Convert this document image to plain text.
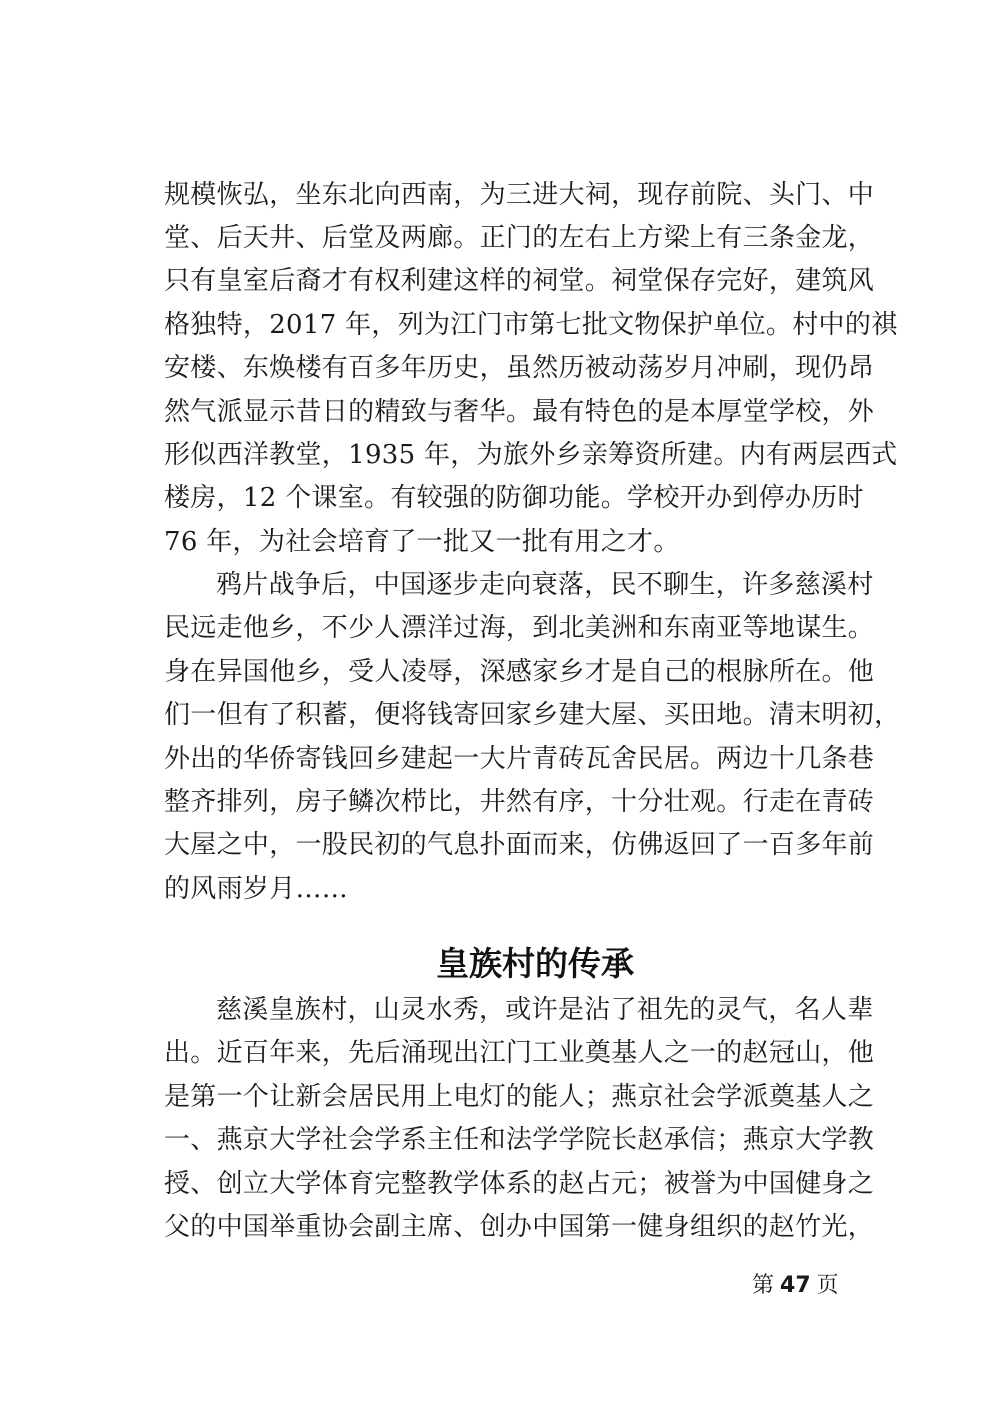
规模恢弘，坐东北向西南，为三进大祠，现存前院、头门、中
堂、后天井、后堂及两廊。正门的左右上方梁上有三条金龙，
只有皇室后裔才有权利建这样的祠堂。祠堂保存完好，建筑风
格独特，2017 年，列为江门市第七批文物保护单位。村中的祺
安楼、东焕楼有百多年历史，虽然历被动荡岁月冲刷，现仍昂
然气派显示昔日的精致与奢华。最有特色的是本厚堂学校，外
形似西洋教堂，1935 年，为旅外乡亲筹资所建。内有两层西式
楼房，12 个课室。有较强的防御功能。学校开办到停办历时
76 年，为社会培育了一批又一批有用之才。
鸦片战争后，中国逐步走向衰落，民不聊生，许多慈溪村
民远走他乡，不少人漂洋过海，到北美洲和东南亚等地谋生。
身在异国他乡，受人凌辱，深感家乡才是自己的根脉所在。他
们一但有了积蓄，便将钱寄回家乡建大屋、买田地。清末明初，
外出的华侨寄钱回乡建起一大片青砖瓦舍民居。两边十几条巷
整齐排列，房子鳞次栉比，井然有序，十分壮观。行走在青砖
大屋之中，一股民初的气息扑面而来，仿佛返回了一百多年前
的风雨岁月……
皇族村的传承
慈溪皇族村，山灵水秀，或许是沾了祖先的灵气，名人辈
出。近百年来，先后涌现出江门工业奠基人之一的赵冠山，他
是第一个让新会居民用上电灯的能人；燕京社会学派奠基人之
一、燕京大学社会学系主任和法学学院长赵承信；燕京大学教
授、创立大学体育完整教学体系的赵占元；被誉为中国健身之
父的中国举重协会副主席、创办中国第一健身组织的赵竹光，
第 47 页
